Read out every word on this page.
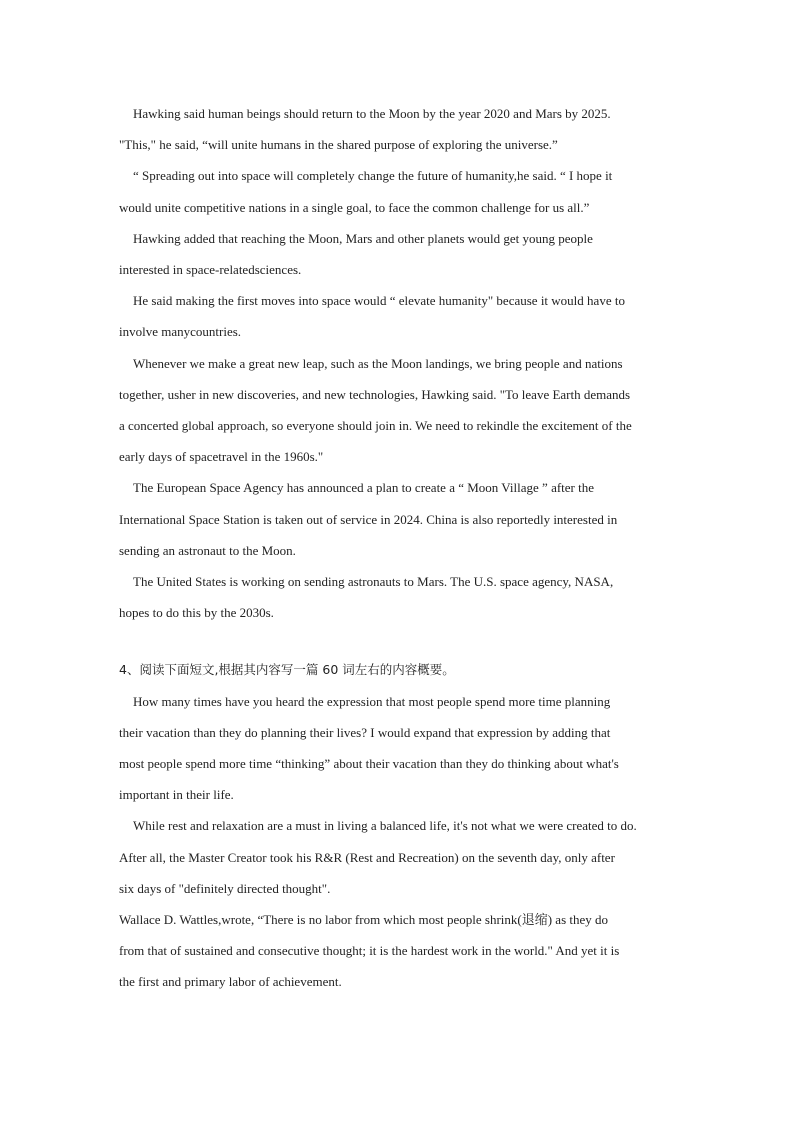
Hawking said human beings should return to the Moon by the year 2020 and Mars by 2025.
"This," he said, “will unite humans in the shared purpose of exploring the universe.”
“ Spreading out into space will completely change the future of humanity,he said. “ I hope it
would unite competitive nations in a single goal, to face the common challenge for us all.”
Hawking added that reaching the Moon, Mars and other planets would get young people
interested in space-relatedsciences.
He said making the first moves into space would “ elevate humanity" because it would have to
involve manycountries.
Whenever we make a great new leap, such as the Moon landings, we bring people and nations
together, usher in new discoveries, and new technologies, Hawking said. "To leave Earth demands
a concerted global approach, so everyone should join in. We need to rekindle the excitement of the
early days of spacetravel in the 1960s."
The European Space Agency has announced a plan to create a “ Moon Village ” after the
International Space Station is taken out of service in 2024. China is also reportedly interested in
sending an astronaut to the Moon.
The United States is working on sending astronauts to Mars. The U.S. space agency, NASA,
hopes to do this by the 2030s.
4、阅读下面短文,根据其内容写一篇 60 词左右的内容概要。
How many times have you heard the expression that most people spend more time planning
their vacation than they do planning their lives? I would expand that expression by adding that
most people spend more time “thinking” about their vacation than they do thinking about what's
important in their life.
While rest and relaxation are a must in living a balanced life, it's not what we were created to do.
After all, the Master Creator took his R&R (Rest and Recreation) on the seventh day, only after
six days of "definitely directed thought".
Wallace D. Wattles,wrote, “There is no labor from which most people shrink(退缩) as they do
from that of sustained and consecutive thought; it is the hardest work in the world." And yet it is
the first and primary labor of achievement.
